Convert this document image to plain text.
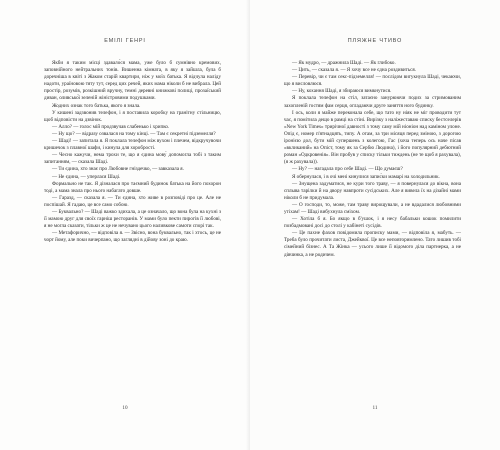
ЕМІЛІ ГЕНРІ

Якби я таким місці здавало́ся мама, уже було б сумнівно кремових, заповнійного нейтральних тонів. Вишенна кімната, в яку я зайшла, була б доречніша в квіті з Жаком старій квартири, ніж у моїх батька. Я відчула наліду надоти, ураїновою тяту тут, серед цих речей, яких мама ніколи б не вибрала. Цей простір, розумів, розкішний вручну, темні деревні книжкові полиці, прозаїський диван, оливсько́ї зеленій жіністровими подушками.

Жодних ознак того батька, якого я знала.

У кишені задзвонив телефон, і я поставила коробку на гранітну стільницю, щоб відповісти на дзвінок.

— Алло? — голос мій продзвучав слабенько і хрипко.

— Ну що? — відразу озвалася на тому кінці. — Там є секретні підземелля?

— Шаді! — запитала я. Я поклала телефон між вухом і плечем, відкручувочи кришечок з плавної шафи, і кинула для хоробрості.

— Чесно кажучи, нема трохи те, що я єдина мову́ допомогла тобі з таким запитанням, — сказала Шаді.

— Ти єдина, хто знає про Любовне гніздечко, — завказала я.

— Не єдина, — уперлася Шаді.

Формально не так. Я дізналася про таємний будинок батька на його похорон тоді, а мама знала про нього набагато довше.

— Гаразд, — сказала я. — Ти єдина, хто живе в розповіді про це. Але не поспішай. Я гадаю, це все само собою.

— Буквально? — Шаді важко здихала, а це означало, що вона була на кухні з її мамою друг для своїх гарніш ресторанів. У мами було пекти пирогів її любові, я не могла сказати, тільки ж це не нечувано цього наливкове самоти спорі так.

— Метафорично, — відповіла я. — Звісно, вона буквально, так і хтось, це не чорт йому, але поки вичерпано, що заглядні в дійову зоні до краю.

10
ПЛЯЖНЕ ЧТИВО

— Як мудро, — дражнила Шаді. — Як глибоко.

— Цить, — сказала я. — Я хочу все не єдна роздивиться.

— Перевір, чи є там секс-підземелля! — послідом вигукнула Шаді, чекаючи, що я висловлюся.

— Ну, кохання Шаді, я збираюся вимкнутися.

Я поклала телефон на стіл, затаєно занурюючи подих за стримованим захопленій гостям фам серця, огладаючи друге заняття ного будинку.

І ось, коли я майже переконала себе, що тато ну ніяк не міг проводити тут час, я помітила дещо в рамці на стіні. Вирізку з наліжеставаю списку бестселерів «New York Times» трирічної давності з тому саму мій ніоніон над каміном улоне. Опід є, номер п'ятнадцять, типу. А отам, за три місяця перед зміною, з дорогою іронією дол, бути мій супершень з колегою, Гас (хоча теперь ось наче пісав «вкликаний» на Опіст, тому як за Сербю Людина), і його популярний дебютний роман «Одкровенія». Він пробув у списку тільки тиждень (не те щоб я рахувала), (я ж рахувала)).

— Ну? — нагадала про себе Шаді. — Що думаєш?

Я обернулася, і в очі мені кинулися запис́ки мамарі на холодильник.

— Знущена задуматися, не кури того траву, — я повернулася до вікна, вона сплыва тарілки й на двору навпроти сусідських. Але я вивела їх на дізайні мами ніколи б не придумала.

— О господи, то, може, там траву вирощували, а не вдадалися любовними утіхам! — Шаді вибухнула сміхом.

— Хотіла б я. Бо якщо в б'ушок, і я несу бабальки кошок помилити позбадмовані досі до столі у кабінеті сусідів.

— Це пахне фахов повідомила прописку мами, — відповіла я, мабуть. — Треба було прочитати листа, Джейквої. Це все неповторимлено. Тато лишив тобі сімейний бізнес. А Та Жінка — усього лише її відомого діла партнерка, а не дівчинка, а не родичем.

11
